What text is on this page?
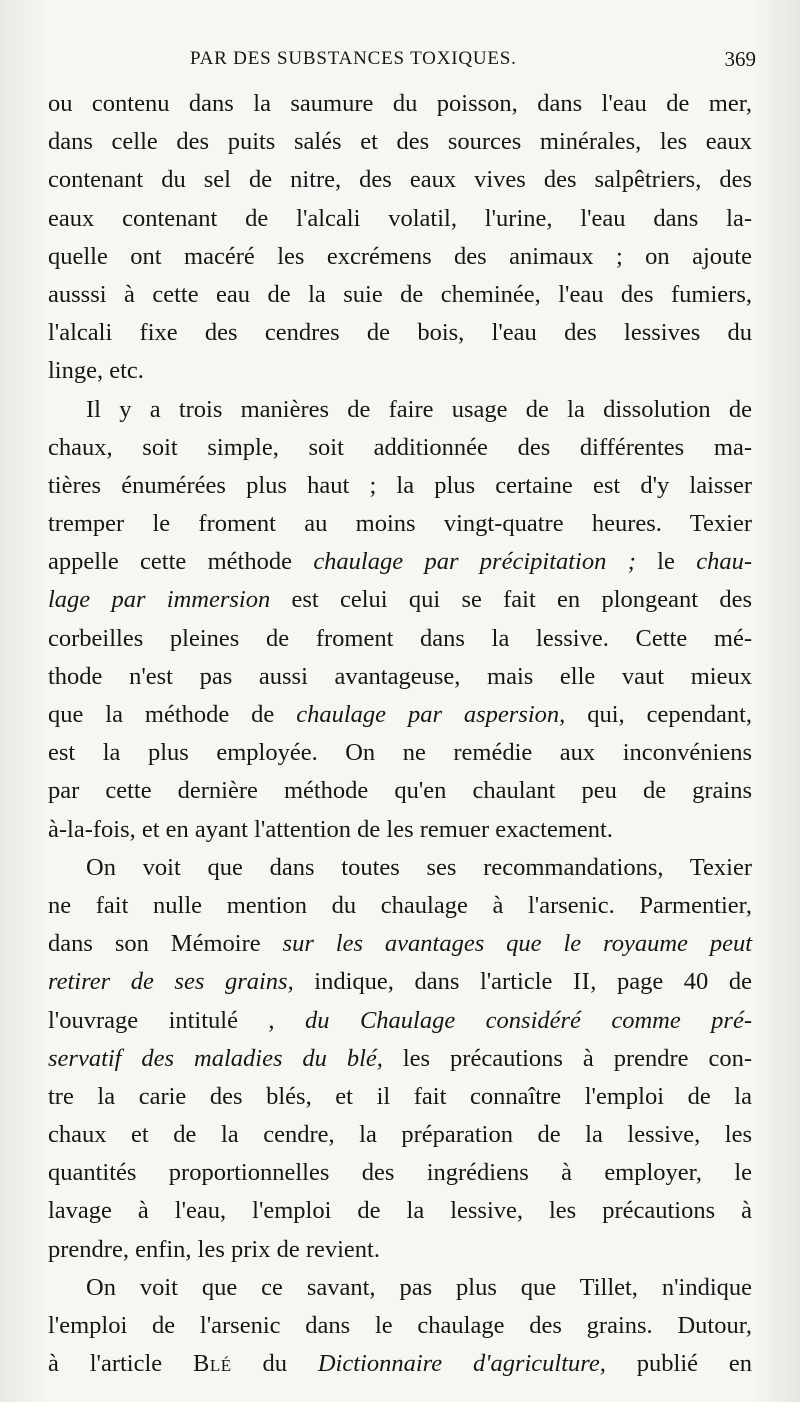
PAR DES SUBSTANCES TOXIQUES.	369
ou contenu dans la saumure du poisson, dans l'eau de mer,
dans celle des puits salés et des sources minérales, les eaux
contenant du sel de nitre, des eaux vives des salpêtriers, des
eaux contenant de l'alcali volatil, l'urine, l'eau dans la-
quelle ont macéré les excrémens des animaux ; on ajoute
ausssi à cette eau de la suie de cheminée, l'eau des fumiers,
l'alcali fixe des cendres de bois, l'eau des lessives du
linge, etc.
Il y a trois manières de faire usage de la dissolution de
chaux, soit simple, soit additionnée des différentes ma-
tières énumérées plus haut ; la plus certaine est d'y laisser
tremper le froment au moins vingt-quatre heures. Texier
appelle cette méthode chaulage par précipitation ; le chau-
lage par immersion est celui qui se fait en plongeant des
corbeilles pleines de froment dans la lessive. Cette mé-
thode n'est pas aussi avantageuse, mais elle vaut mieux
que la méthode de chaulage par aspersion, qui, cependant,
est la plus employée. On ne remédie aux inconvéniens
par cette dernière méthode qu'en chaulant peu de grains
à-la-fois, et en ayant l'attention de les remuer exactement.
On voit que dans toutes ses recommandations, Texier
ne fait nulle mention du chaulage à l'arsenic. Parmentier,
dans son Mémoire sur les avantages que le royaume peut
retirer de ses grains, indique, dans l'article II, page 40 de
l'ouvrage intitulé , du Chaulage considéré comme pré-
servatif des maladies du blé, les précautions à prendre con-
tre la carie des blés, et il fait connaître l'emploi de la
chaux et de la cendre, la préparation de la lessive, les
quantités proportionnelles des ingrédiens à employer, le
lavage à l'eau, l'emploi de la lessive, les précautions à
prendre, enfin, les prix de revient.
On voit que ce savant, pas plus que Tillet, n'indique
l'emploi de l'arsenic dans le chaulage des grains. Dutour,
à l'article Blé du Dictionnaire d'agriculture, publié en
